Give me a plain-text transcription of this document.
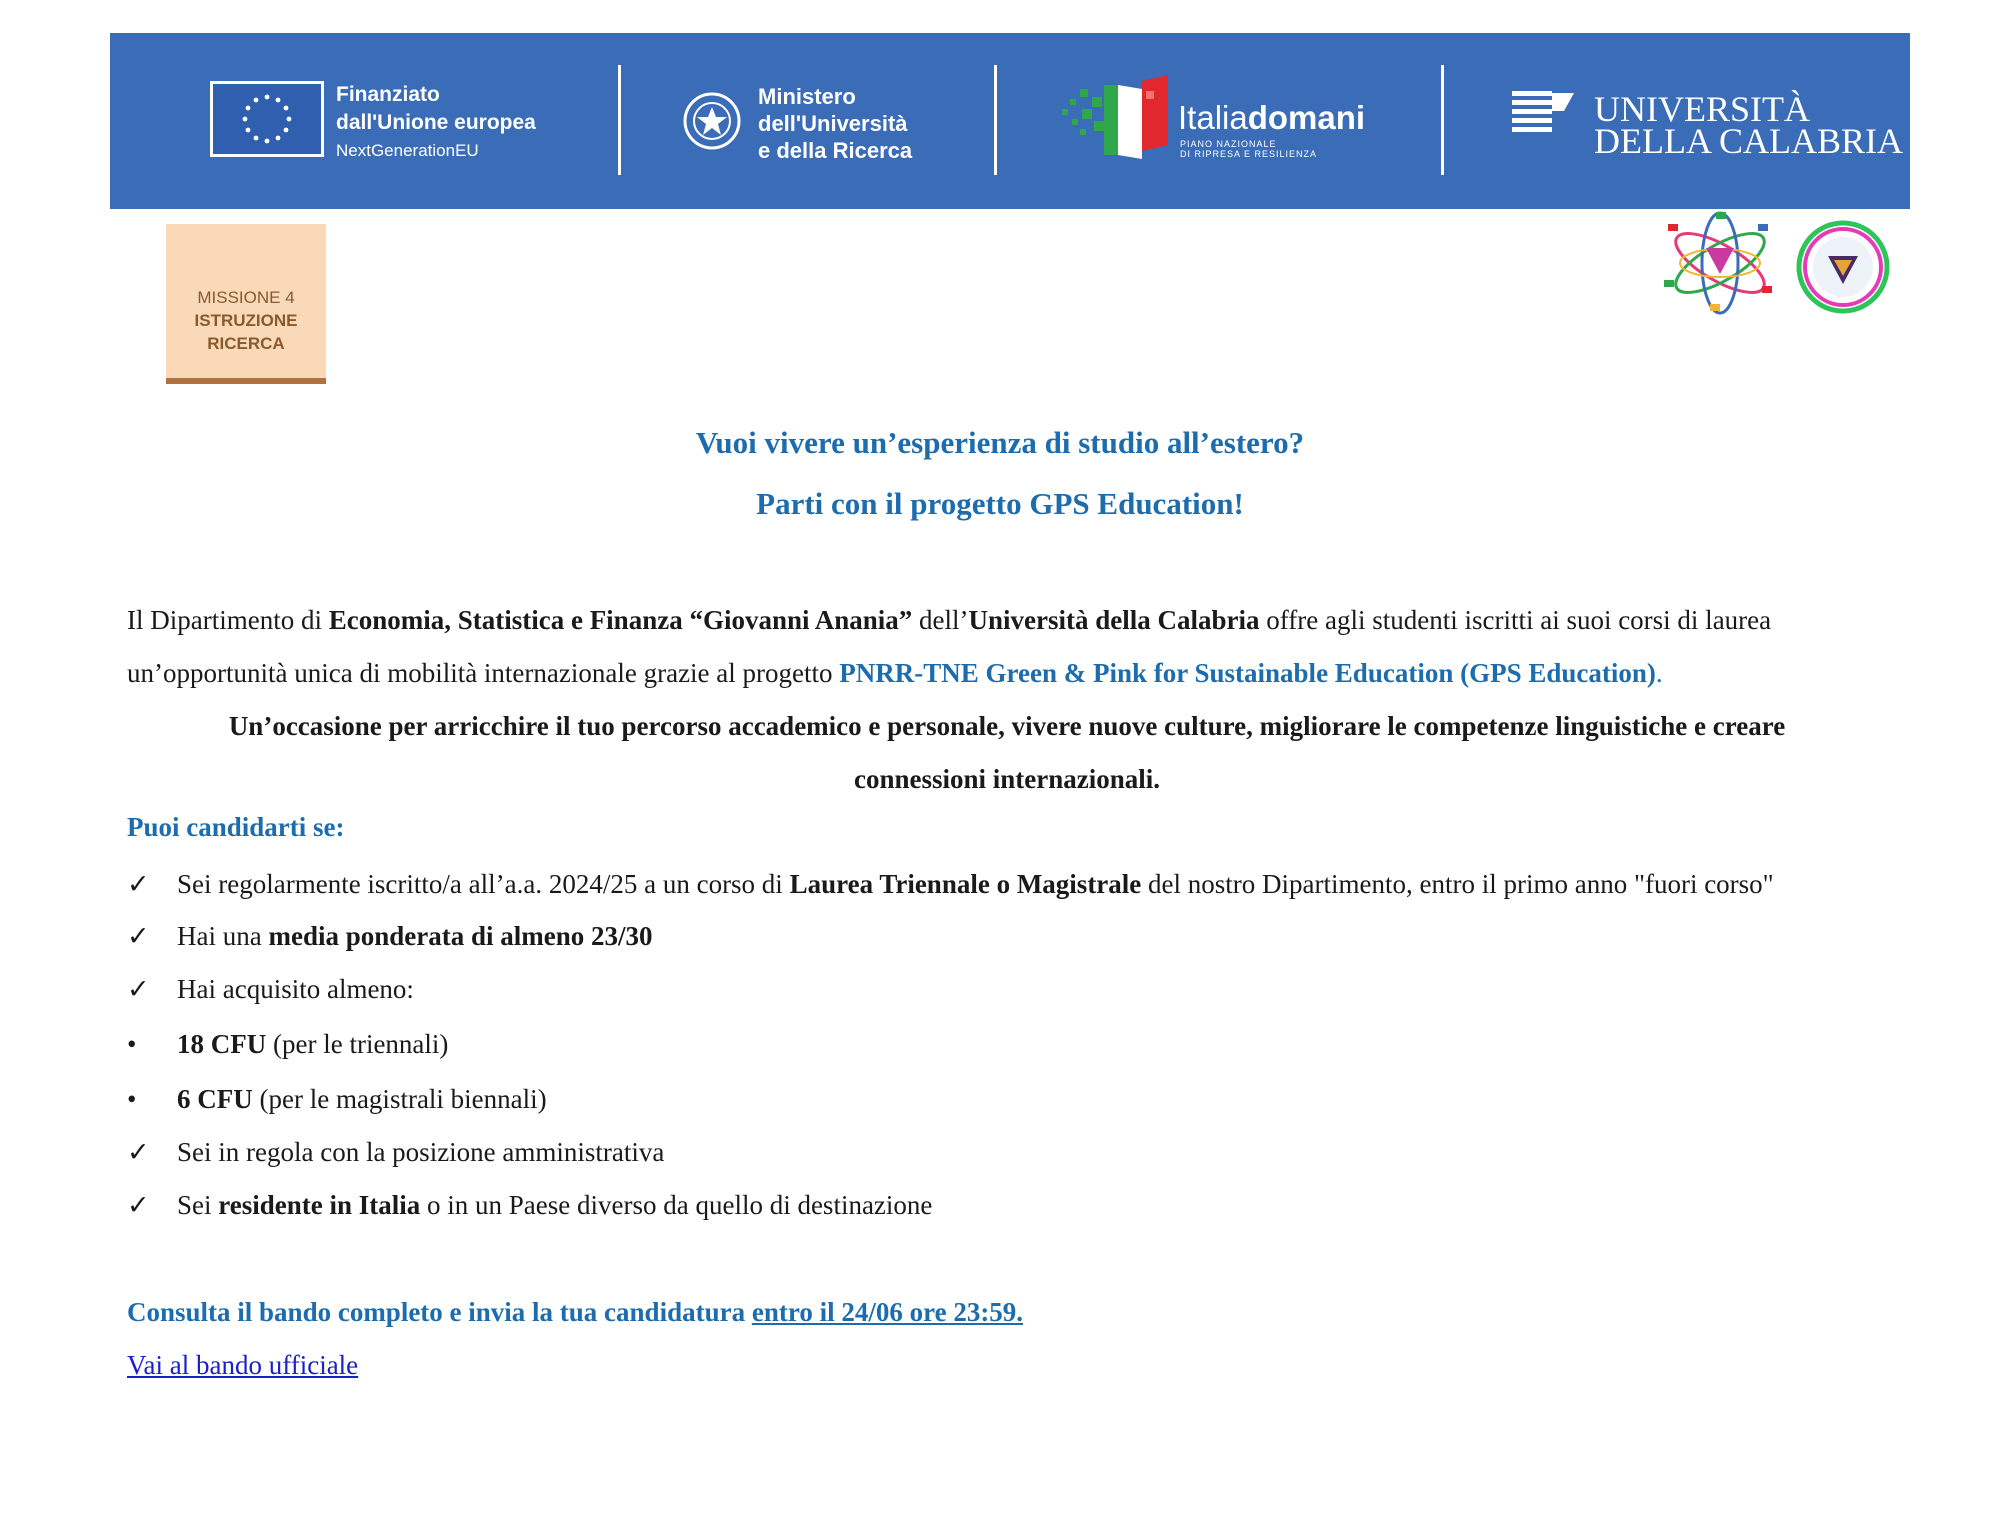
Finanziato
dall'Unione europea
NextGenerationEU
Ministero
dell'Università
e della Ricerca
Italiadomani
PIANO NAZIONALE
DI RIPRESA E RESILIENZA
UNIVERSITÀ
DELLA CALABRIA
MISSIONE 4
ISTRUZIONE
RICERCA
Vuoi vivere un’esperienza di studio all’estero?
Parti con il progetto GPS Education!
Il Dipartimento di Economia, Statistica e Finanza “Giovanni Anania” dell’Università della Calabria offre agli studenti iscritti ai suoi corsi di laurea un’opportunità unica di mobilità internazionale grazie al progetto PNRR-TNE Green & Pink for Sustainable Education (GPS Education).
Un’occasione per arricchire il tuo percorso accademico e personale, vivere nuove culture, migliorare le competenze linguistiche e creare
connessioni internazionali.
Puoi candidarti se:
✓ Sei regolarmente iscritto/a all’a.a. 2024/25 a un corso di Laurea Triennale o Magistrale del nostro Dipartimento, entro il primo anno "fuori corso"
✓ Hai una media ponderata di almeno 23/30
✓ Hai acquisito almeno:
• 18 CFU (per le triennali)
• 6 CFU (per le magistrali biennali)
✓ Sei in regola con la posizione amministrativa
✓ Sei residente in Italia o in un Paese diverso da quello di destinazione
Consulta il bando completo e invia la tua candidatura entro il 24/06 ore 23:59.
Vai al bando ufficiale
